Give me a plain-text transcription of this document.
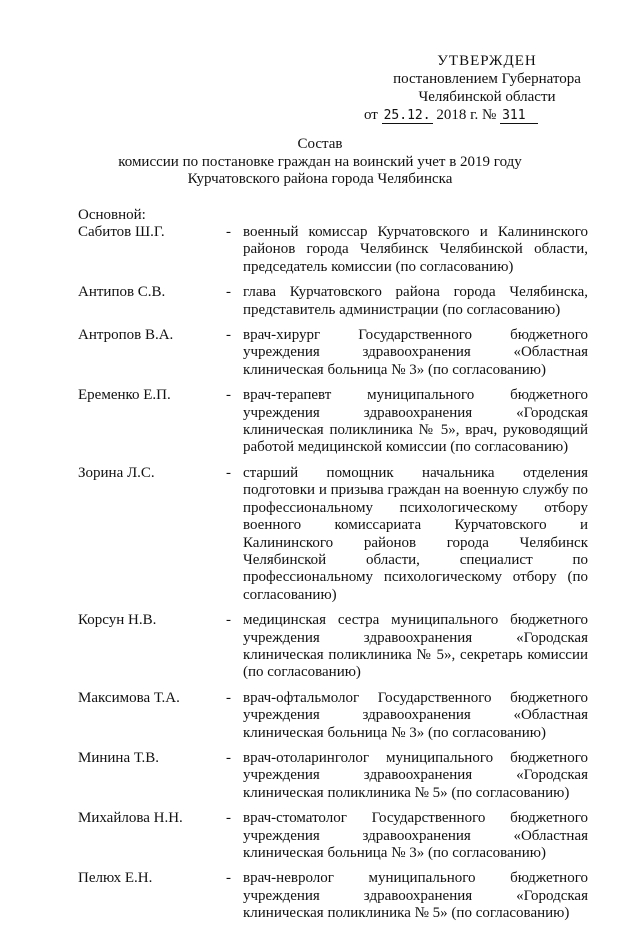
УТВЕРЖДЕН
постановлением Губернатора
Челябинской области
от 25.12. 2018 г. № 311
Состав
комиссии по постановке граждан на воинский учет в 2019 году
Курчатовского района города Челябинска
Основной:
Сабитов Ш.Г.	- военный комиссар Курчатовского и Калининского районов города Челябинск Челябинской области, председатель комиссии (по согласованию)
Антипов С.В.	- глава Курчатовского района города Челябинска, представитель администрации (по согласованию)
Антропов В.А.	- врач-хирург Государственного бюджетного учреждения здравоохранения «Областная клиническая больница № 3» (по согласованию)
Еременко Е.П.	- врач-терапевт муниципального бюджетного учреждения здравоохранения «Городская клиническая поликлиника № 5», врач, руководящий работой медицинской комиссии (по согласованию)
Зорина Л.С.	- старший помощник начальника отделения подготовки и призыва граждан на военную службу по профессиональному психологическому отбору военного комиссариата Курчатовского и Калининского районов города Челябинск Челябинской области, специалист по профессиональному психологическому отбору (по согласованию)
Корсун Н.В.	- медицинская сестра муниципального бюджетного учреждения здравоохранения «Городская клиническая поликлиника № 5», секретарь комиссии (по согласованию)
Максимова Т.А.	- врач-офтальмолог Государственного бюджетного учреждения здравоохранения «Областная клиническая больница № 3» (по согласованию)
Минина Т.В.	- врач-отоларинголог муниципального бюджетного учреждения здравоохранения «Городская клиническая поликлиника № 5» (по согласованию)
Михайлова Н.Н.	- врач-стоматолог Государственного бюджетного учреждения здравоохранения «Областная клиническая больница № 3» (по согласованию)
Пелюх Е.Н.	- врач-невролог муниципального бюджетного учреждения здравоохранения «Городская клиническая поликлиника № 5» (по согласованию)
